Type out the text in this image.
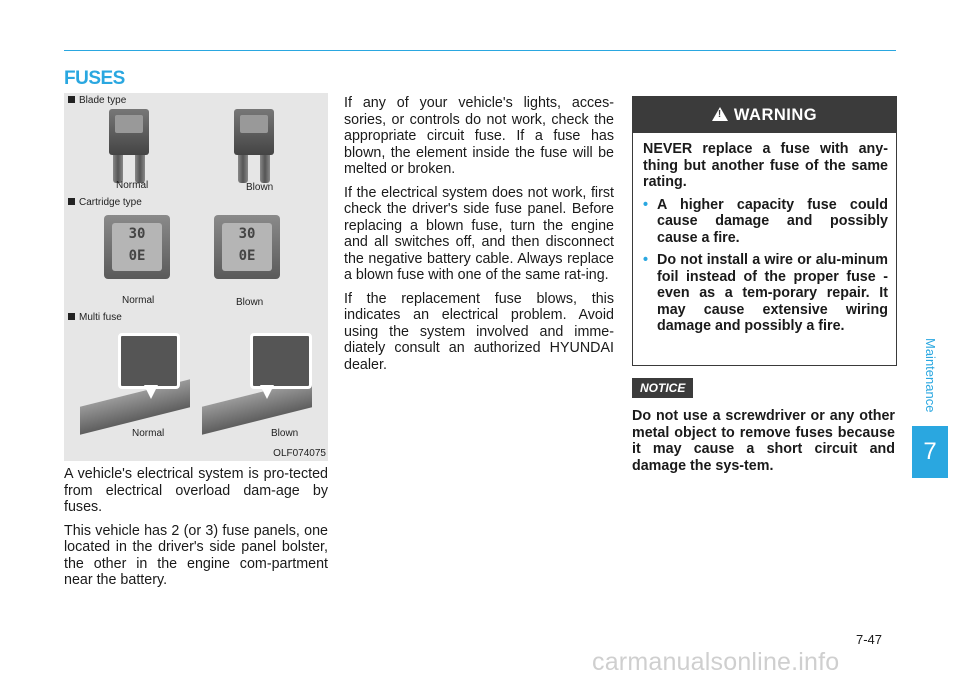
FUSES
Blade type
Normal	Blown
Cartridge type
30
0E
Normal
30
0E
Blown
Multi fuse
Normal	Blown
OLF074075

A vehicle's electrical system is pro-tected from electrical overload dam-age by fuses.

This vehicle has 2 (or 3) fuse panels, one located in the driver's side panel bolster, the other in the engine com-partment near the battery.

If any of your vehicle's lights, acces-sories, or controls do not work, check the appropriate circuit fuse. If a fuse has blown, the element inside the fuse will be melted or broken.

If the electrical system does not work, first check the driver's side fuse panel. Before replacing a blown fuse, turn the engine and all switches off, and then disconnect the negative battery cable. Always replace a blown fuse with one of the same rat-ing.

If the replacement fuse blows, this indicates an electrical problem. Avoid using the system involved and imme-diately consult an authorized HYUNDAI dealer.

!WARNING

NEVER replace a fuse with any-thing but another fuse of the same rating.

• A higher capacity fuse could cause damage and possibly cause a fire.

• Do not install a wire or alu-minum foil instead of the proper fuse - even as a tem-porary repair. It may cause extensive wiring damage and possibly a fire.

NOTICE

Do not use a screwdriver or any other metal object to remove fuses because it may cause a short circuit and damage the sys-tem.

Maintenance
7
7-47
carmanualsonline.info
